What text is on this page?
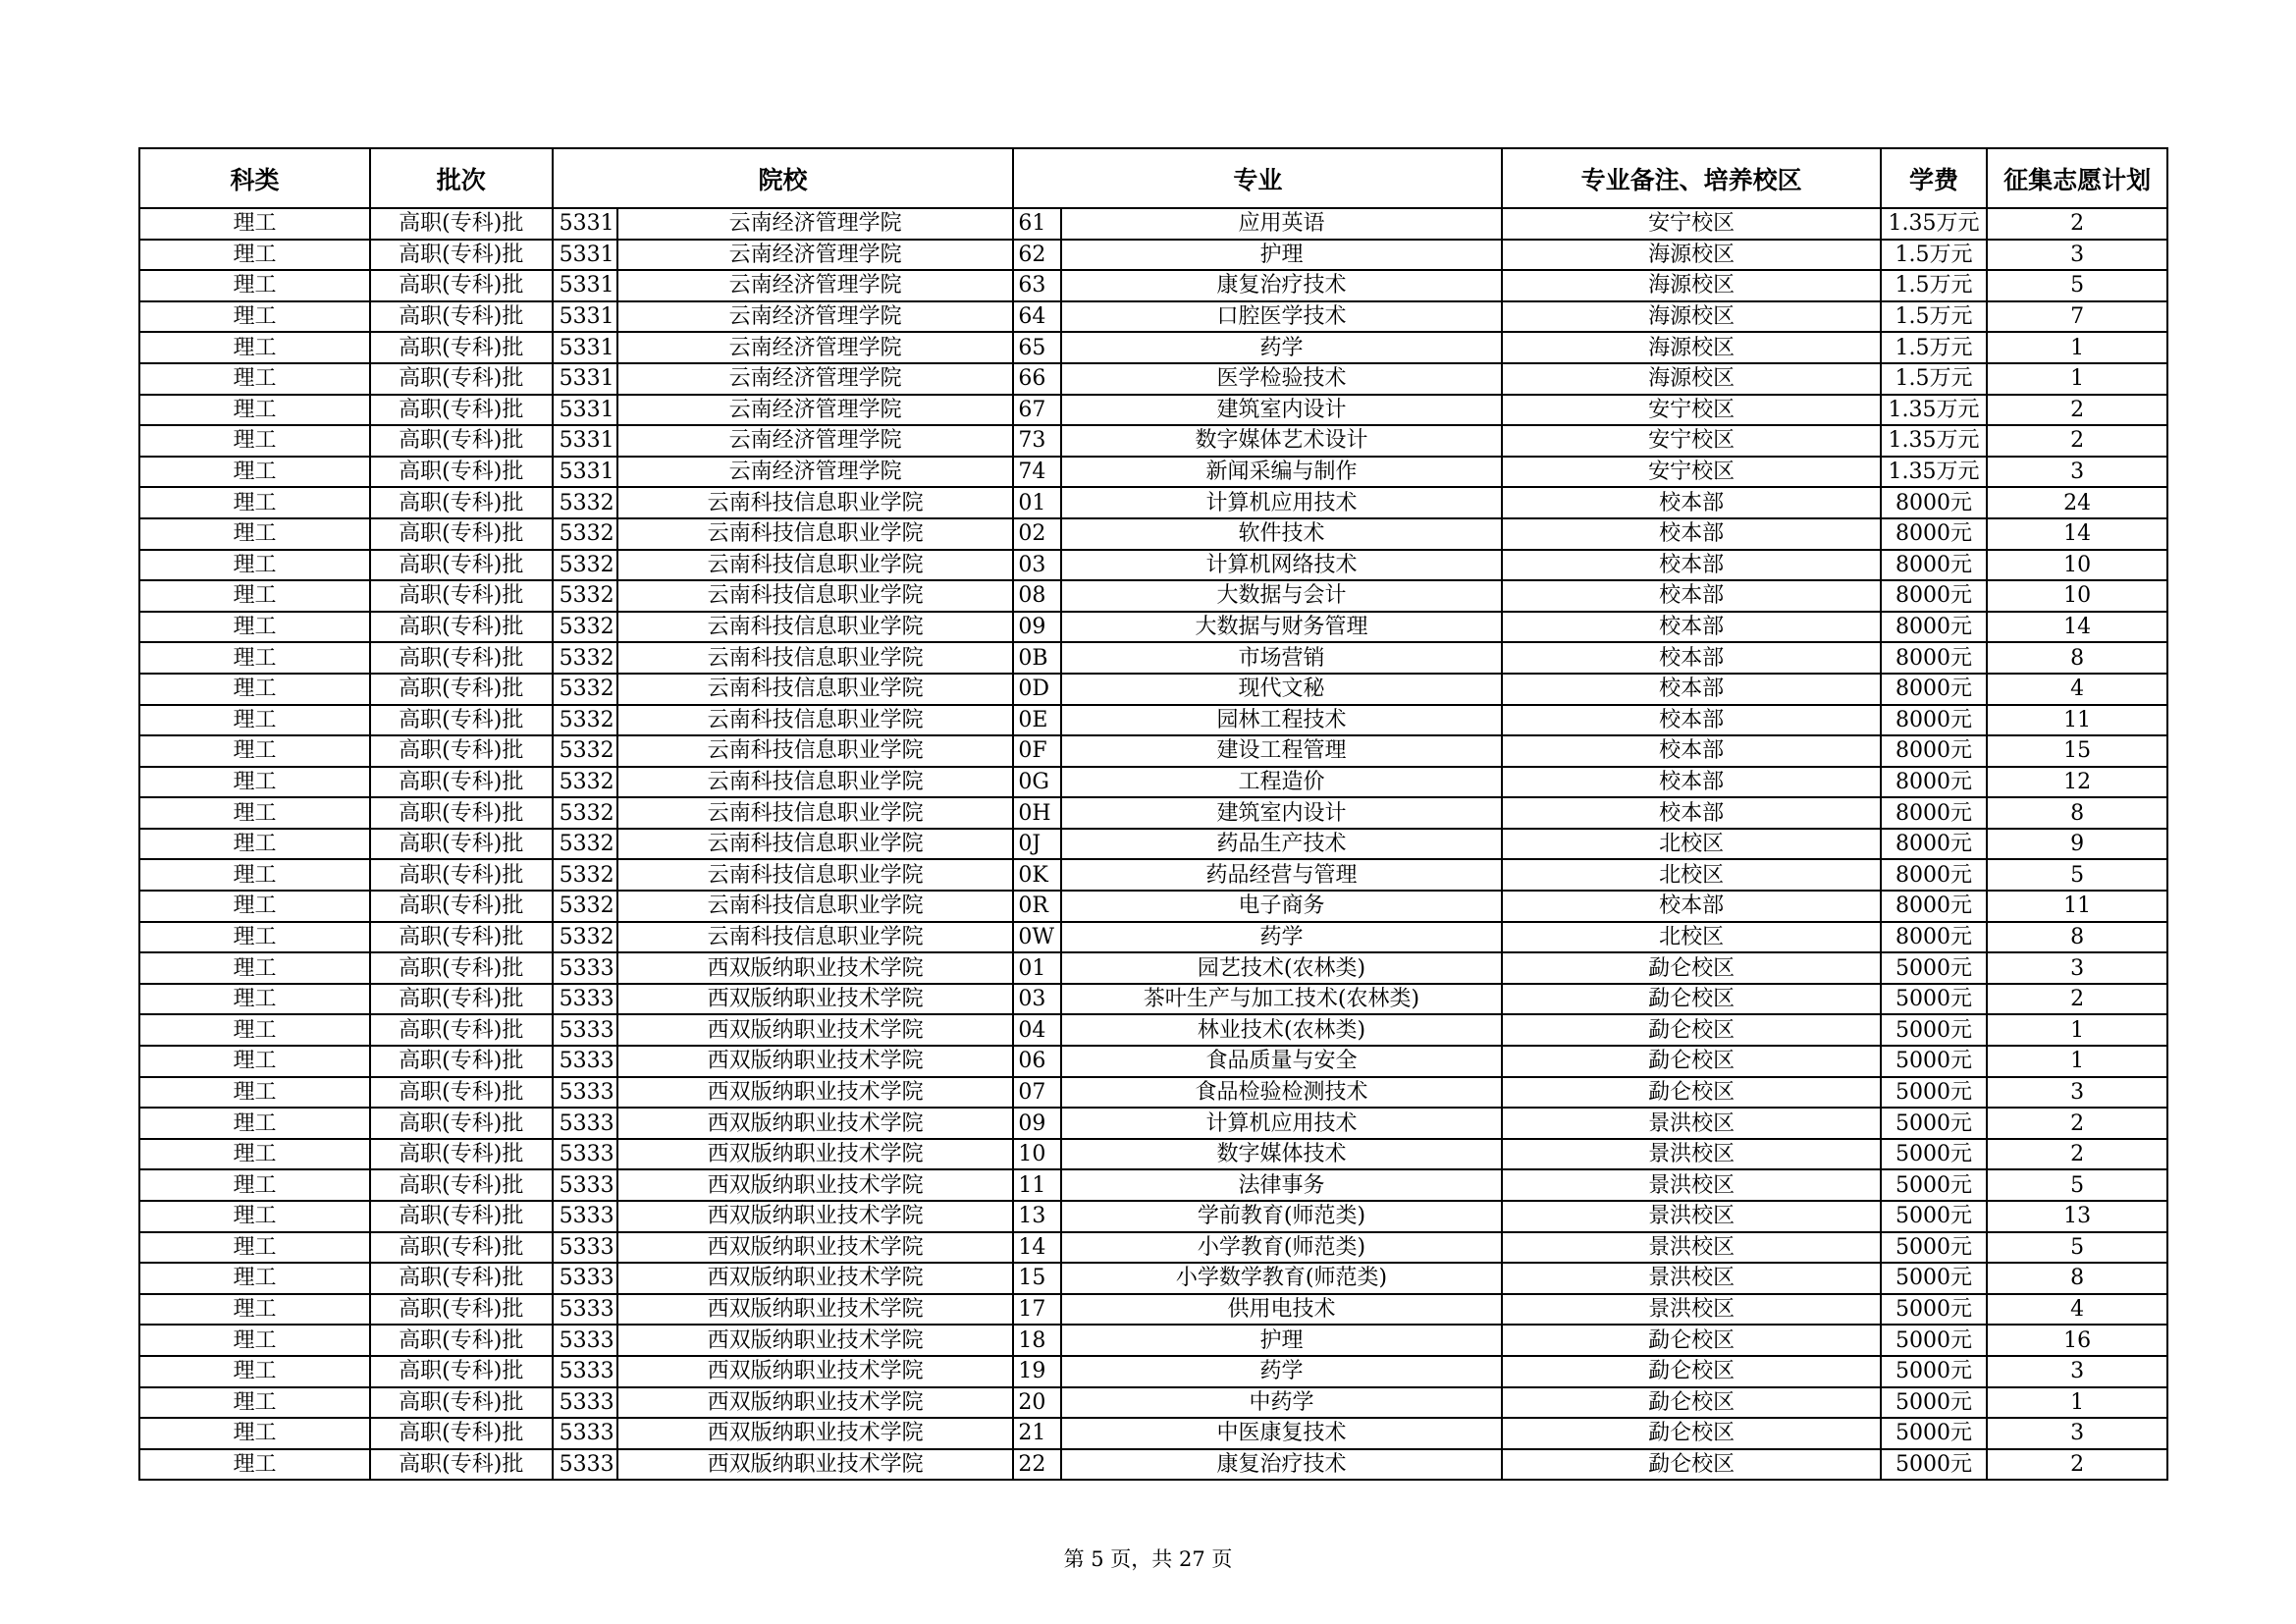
科类	批次	院校		专业		专业备注、培养校区	学费	征集志愿计划
理工	高职(专科)批	5331	云南经济管理学院	61	应用英语	安宁校区	1.35万元	2
理工	高职(专科)批	5331	云南经济管理学院	62	护理	海源校区	1.5万元	3
理工	高职(专科)批	5331	云南经济管理学院	63	康复治疗技术	海源校区	1.5万元	5
理工	高职(专科)批	5331	云南经济管理学院	64	口腔医学技术	海源校区	1.5万元	7
理工	高职(专科)批	5331	云南经济管理学院	65	药学	海源校区	1.5万元	1
理工	高职(专科)批	5331	云南经济管理学院	66	医学检验技术	海源校区	1.5万元	1
理工	高职(专科)批	5331	云南经济管理学院	67	建筑室内设计	安宁校区	1.35万元	2
理工	高职(专科)批	5331	云南经济管理学院	73	数字媒体艺术设计	安宁校区	1.35万元	2
理工	高职(专科)批	5331	云南经济管理学院	74	新闻采编与制作	安宁校区	1.35万元	3
理工	高职(专科)批	5332	云南科技信息职业学院	01	计算机应用技术	校本部	8000元	24
理工	高职(专科)批	5332	云南科技信息职业学院	02	软件技术	校本部	8000元	14
理工	高职(专科)批	5332	云南科技信息职业学院	03	计算机网络技术	校本部	8000元	10
理工	高职(专科)批	5332	云南科技信息职业学院	08	大数据与会计	校本部	8000元	10
理工	高职(专科)批	5332	云南科技信息职业学院	09	大数据与财务管理	校本部	8000元	14
理工	高职(专科)批	5332	云南科技信息职业学院	0B	市场营销	校本部	8000元	8
理工	高职(专科)批	5332	云南科技信息职业学院	0D	现代文秘	校本部	8000元	4
理工	高职(专科)批	5332	云南科技信息职业学院	0E	园林工程技术	校本部	8000元	11
理工	高职(专科)批	5332	云南科技信息职业学院	0F	建设工程管理	校本部	8000元	15
理工	高职(专科)批	5332	云南科技信息职业学院	0G	工程造价	校本部	8000元	12
理工	高职(专科)批	5332	云南科技信息职业学院	0H	建筑室内设计	校本部	8000元	8
理工	高职(专科)批	5332	云南科技信息职业学院	0J	药品生产技术	北校区	8000元	9
理工	高职(专科)批	5332	云南科技信息职业学院	0K	药品经营与管理	北校区	8000元	5
理工	高职(专科)批	5332	云南科技信息职业学院	0R	电子商务	校本部	8000元	11
理工	高职(专科)批	5332	云南科技信息职业学院	0W	药学	北校区	8000元	8
理工	高职(专科)批	5333	西双版纳职业技术学院	01	园艺技术(农林类)	勐仑校区	5000元	3
理工	高职(专科)批	5333	西双版纳职业技术学院	03	茶叶生产与加工技术(农林类)	勐仑校区	5000元	2
理工	高职(专科)批	5333	西双版纳职业技术学院	04	林业技术(农林类)	勐仑校区	5000元	1
理工	高职(专科)批	5333	西双版纳职业技术学院	06	食品质量与安全	勐仑校区	5000元	1
理工	高职(专科)批	5333	西双版纳职业技术学院	07	食品检验检测技术	勐仑校区	5000元	3
理工	高职(专科)批	5333	西双版纳职业技术学院	09	计算机应用技术	景洪校区	5000元	2
理工	高职(专科)批	5333	西双版纳职业技术学院	10	数字媒体技术	景洪校区	5000元	2
理工	高职(专科)批	5333	西双版纳职业技术学院	11	法律事务	景洪校区	5000元	5
理工	高职(专科)批	5333	西双版纳职业技术学院	13	学前教育(师范类)	景洪校区	5000元	13
理工	高职(专科)批	5333	西双版纳职业技术学院	14	小学教育(师范类)	景洪校区	5000元	5
理工	高职(专科)批	5333	西双版纳职业技术学院	15	小学数学教育(师范类)	景洪校区	5000元	8
理工	高职(专科)批	5333	西双版纳职业技术学院	17	供用电技术	景洪校区	5000元	4
理工	高职(专科)批	5333	西双版纳职业技术学院	18	护理	勐仑校区	5000元	16
理工	高职(专科)批	5333	西双版纳职业技术学院	19	药学	勐仑校区	5000元	3
理工	高职(专科)批	5333	西双版纳职业技术学院	20	中药学	勐仑校区	5000元	1
理工	高职(专科)批	5333	西双版纳职业技术学院	21	中医康复技术	勐仑校区	5000元	3
理工	高职(专科)批	5333	西双版纳职业技术学院	22	康复治疗技术	勐仑校区	5000元	2
第 5 页，共 27 页
